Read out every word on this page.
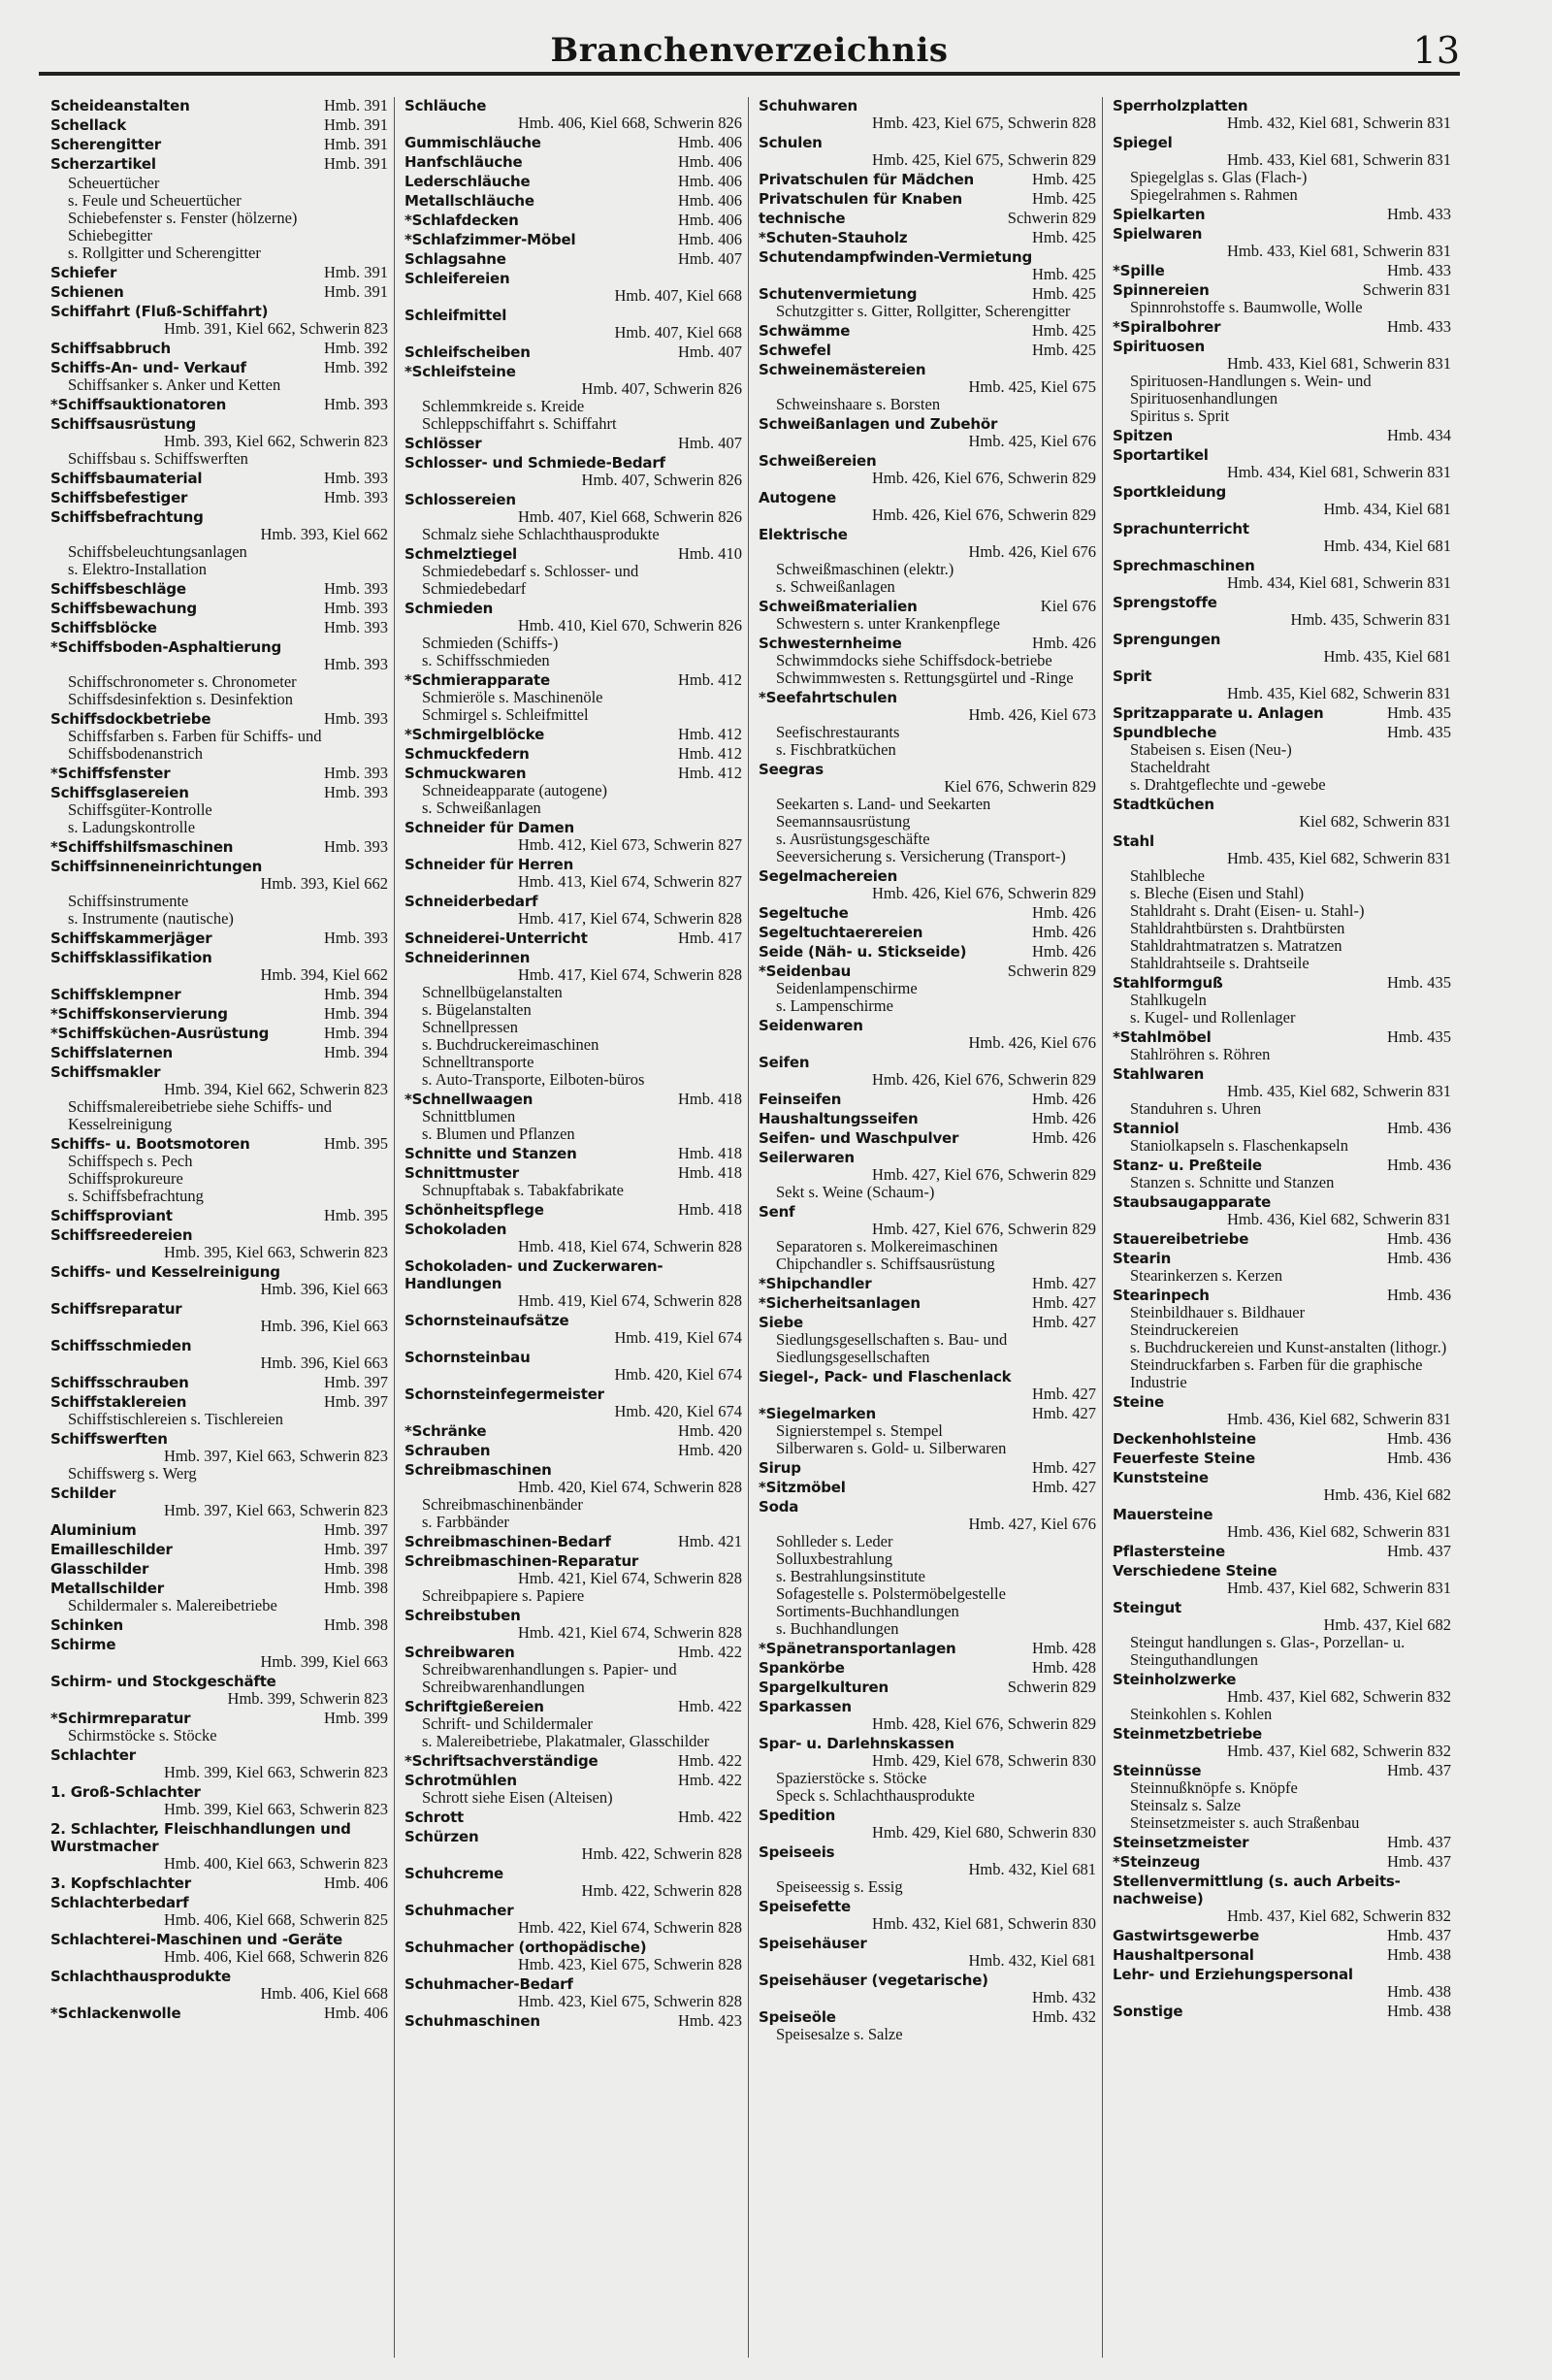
Branchenverzeichnis	13
Scheideanstalten	Hmb. 391
Schellack	Hmb. 391
Scherengitter	Hmb. 391
Scherzartikel	Hmb. 391
Scheuertücher
s. Feule und Scheuertücher
Schiebefenster s. Fenster (hölzerne)
Schiebegitter
s. Rollgitter und Scherengitter
Schiefer	Hmb. 391
Schienen	Hmb. 391
Schiffahrt (Fluß-Schiffahrt)
Hmb. 391, Kiel 662, Schwerin 823
Schiffsabbruch	Hmb. 392
Schiffs-An- und- Verkauf	Hmb. 392
Schiffsanker s. Anker und Ketten
*Schiffsauktionatoren	Hmb. 393
Schiffsausrüstung
Hmb. 393, Kiel 662, Schwerin 823
Schiffsbau s. Schiffswerften
Schiffsbaumaterial	Hmb. 393
Schiffsbefestiger	Hmb. 393
Schiffsbefrachtung
Hmb. 393, Kiel 662
Schiffsbeleuchtungsanlagen
s. Elektro-Installation
Schiffsbeschläge	Hmb. 393
Schiffsbewachung	Hmb. 393
Schiffsblöcke	Hmb. 393
*Schiffsboden-Asphaltierung
Hmb. 393
Schiffschronometer s. Chronometer
Schiffsdesinfektion s. Desinfektion
Schiffsdockbetriebe	Hmb. 393
Schiffsfarben s. Farben für Schiffs- und Schiffsbodenanstrich
*Schiffsfenster	Hmb. 393
Schiffsglasereien	Hmb. 393
Schiffsgüter-Kontrolle
s. Ladungskontrolle
*Schiffshilfsmaschinen	Hmb. 393
Schiffsinneneinrichtungen
Hmb. 393, Kiel 662
Schiffsinstrumente
s. Instrumente (nautische)
Schiffskammerjäger	Hmb. 393
Schiffsklassifikation
Hmb. 394, Kiel 662
Schiffsklempner	Hmb. 394
*Schiffskonservierung	Hmb. 394
*Schiffsküchen-Ausrüstung	Hmb. 394
Schiffslaternen	Hmb. 394
Schiffsmakler
Hmb. 394, Kiel 662, Schwerin 823
Schiffsmalereibetriebe siehe Schiffs- und Kesselreinigung
Schiffs- u. Bootsmotoren	Hmb. 395
Schiffspech s. Pech
Schiffsprokureure
s. Schiffsbefrachtung
Schiffsproviant	Hmb. 395
Schiffsreedereien
Hmb. 395, Kiel 663, Schwerin 823
Schiffs- und Kesselreinigung
Hmb. 396, Kiel 663
Schiffsreparatur
Hmb. 396, Kiel 663
Schiffsschmieden
Hmb. 396, Kiel 663
Schiffsschrauben	Hmb. 397
Schiffstaklereien	Hmb. 397
Schiffstischlereien s. Tischlereien
Schiffswerften
Hmb. 397, Kiel 663, Schwerin 823
Schiffswerg s. Werg
Schilder
Hmb. 397, Kiel 663, Schwerin 823
Aluminium	Hmb. 397
Emailleschilder	Hmb. 397
Glasschilder	Hmb. 398
Metallschilder	Hmb. 398
Schildermaler s. Malereibetriebe
Schinken	Hmb. 398
Schirme
Hmb. 399, Kiel 663
Schirm- und Stockgeschäfte
Hmb. 399, Schwerin 823
*Schirmreparatur	Hmb. 399
Schirmstöcke s. Stöcke
Schlachter
Hmb. 399, Kiel 663, Schwerin 823
1. Groß-Schlachter
Hmb. 399, Kiel 663, Schwerin 823
2. Schlachter, Fleischhandlungen und Wurstmacher
Hmb. 400, Kiel 663, Schwerin 823
3. Kopfschlachter	Hmb. 406
Schlachterbedarf
Hmb. 406, Kiel 668, Schwerin 825
Schlachterei-Maschinen und -Geräte
Hmb. 406, Kiel 668, Schwerin 826
Schlachthausprodukte
Hmb. 406, Kiel 668
*Schlackenwolle	Hmb. 406
Schläuche
Hmb. 406, Kiel 668, Schwerin 826
Gummischläuche	Hmb. 406
Hanfschläuche	Hmb. 406
Lederschläuche	Hmb. 406
Metallschläuche	Hmb. 406
*Schlafdecken	Hmb. 406
*Schlafzimmer-Möbel	Hmb. 406
Schlagsahne	Hmb. 407
Schleifereien
Hmb. 407, Kiel 668
Schleifmittel
Hmb. 407, Kiel 668
Schleifscheiben	Hmb. 407
*Schleifsteine
Hmb. 407, Schwerin 826
Schlemmkreide s. Kreide
Schleppschiffahrt s. Schiffahrt
Schlösser	Hmb. 407
Schlosser- und Schmiede-Bedarf
Hmb. 407, Schwerin 826
Schlossereien
Hmb. 407, Kiel 668, Schwerin 826
Schmalz siehe Schlachthausprodukte
Schmelztiegel	Hmb. 410
Schmiedebedarf s. Schlosser- und Schmiedebedarf
Schmieden
Hmb. 410, Kiel 670, Schwerin 826
Schmieden (Schiffs-)
s. Schiffsschmieden
*Schmierapparate	Hmb. 412
Schmieröle s. Maschinenöle
Schmirgel s. Schleifmittel
*Schmirgelblöcke	Hmb. 412
Schmuckfedern	Hmb. 412
Schmuckwaren	Hmb. 412
Schneideapparate (autogene)
s. Schweißanlagen
Schneider für Damen
Hmb. 412, Kiel 673, Schwerin 827
Schneider für Herren
Hmb. 413, Kiel 674, Schwerin 827
Schneiderbedarf
Hmb. 417, Kiel 674, Schwerin 828
Schneiderei-Unterricht	Hmb. 417
Schneiderinnen
Hmb. 417, Kiel 674, Schwerin 828
Schnellbügelanstalten
s. Bügelanstalten
Schnellpressen
s. Buchdruckereimaschinen
Schnelltransporte
s. Auto-Transporte, Eilboten-büros
*Schnellwaagen	Hmb. 418
Schnittblumen
s. Blumen und Pflanzen
Schnitte und Stanzen	Hmb. 418
Schnittmuster	Hmb. 418
Schnupftabak s. Tabakfabrikate
Schönheitspflege	Hmb. 418
Schokoladen
Hmb. 418, Kiel 674, Schwerin 828
Schokoladen- und Zuckerwaren-Handlungen
Hmb. 419, Kiel 674, Schwerin 828
Schornsteinaufsätze
Hmb. 419, Kiel 674
Schornsteinbau
Hmb. 420, Kiel 674
Schornsteinfegermeister
Hmb. 420, Kiel 674
*Schränke	Hmb. 420
Schrauben	Hmb. 420
Schreibmaschinen
Hmb. 420, Kiel 674, Schwerin 828
Schreibmaschinenbänder
s. Farbbänder
Schreibmaschinen-Bedarf	Hmb. 421
Schreibmaschinen-Reparatur
Hmb. 421, Kiel 674, Schwerin 828
Schreibpapiere s. Papiere
Schreibstuben
Hmb. 421, Kiel 674, Schwerin 828
Schreibwaren	Hmb. 422
Schreibwarenhandlungen s. Papier- und Schreibwarenhandlungen
Schriftgießereien	Hmb. 422
Schrift- und Schildermaler
s. Malereibetriebe, Plakatmaler, Glasschilder
*Schriftsachverständige	Hmb. 422
Schrotmühlen	Hmb. 422
Schrott siehe Eisen (Alteisen)
Schrott	Hmb. 422
Schürzen
Hmb. 422, Schwerin 828
Schuhcreme
Hmb. 422, Schwerin 828
Schuhmacher
Hmb. 422, Kiel 674, Schwerin 828
Schuhmacher (orthopädische)
Hmb. 423, Kiel 675, Schwerin 828
Schuhmacher-Bedarf
Hmb. 423, Kiel 675, Schwerin 828
Schuhmaschinen	Hmb. 423
Schuhwaren
Hmb. 423, Kiel 675, Schwerin 828
Schulen
Hmb. 425, Kiel 675, Schwerin 829
Privatschulen für Mädchen	Hmb. 425
Privatschulen für Knaben	Hmb. 425
technische	Schwerin 829
*Schuten-Stauholz	Hmb. 425
Schutendampfwinden-Vermietung
Hmb. 425
Schutenvermietung	Hmb. 425
Schutzgitter s. Gitter, Rollgitter, Scherengitter
Schwämme	Hmb. 425
Schwefel	Hmb. 425
Schweinemästereien
Hmb. 425, Kiel 675
Schweinshaare s. Borsten
Schweißanlagen und Zubehör
Hmb. 425, Kiel 676
Schweißereien
Hmb. 426, Kiel 676, Schwerin 829
Autogene
Hmb. 426, Kiel 676, Schwerin 829
Elektrische
Hmb. 426, Kiel 676
Schweißmaschinen (elektr.)
s. Schweißanlagen
Schweißmaterialien	Kiel 676
Schwestern s. unter Krankenpflege
Schwesternheime	Hmb. 426
Schwimmdocks siehe Schiffsdock-betriebe
Schwimmwesten s. Rettungsgürtel und -Ringe
*Seefahrtschulen
Hmb. 426, Kiel 673
Seefischrestaurants
s. Fischbratküchen
Seegras
Kiel 676, Schwerin 829
Seekarten s. Land- und Seekarten
Seemannsausrüstung
s. Ausrüstungsgeschäfte
Seeversicherung s. Versicherung (Transport-)
Segelmachereien
Hmb. 426, Kiel 676, Schwerin 829
Segeltuche	Hmb. 426
Segeltuchtaerereien	Hmb. 426
Seide (Näh- u. Stickseide)	Hmb. 426
*Seidenbau	Schwerin 829
Seidenlampenschirme
s. Lampenschirme
Seidenwaren
Hmb. 426, Kiel 676
Seifen
Hmb. 426, Kiel 676, Schwerin 829
Feinseifen	Hmb. 426
Haushaltungsseifen	Hmb. 426
Seifen- und Waschpulver	Hmb. 426
Seilerwaren
Hmb. 427, Kiel 676, Schwerin 829
Sekt s. Weine (Schaum-)
Senf
Hmb. 427, Kiel 676, Schwerin 829
Separatoren s. Molkereimaschinen
Chipchandler s. Schiffsausrüstung
*Shipchandler	Hmb. 427
*Sicherheitsanlagen	Hmb. 427
Siebe	Hmb. 427
Siedlungsgesellschaften s. Bau- und Siedlungsgesellschaften
Siegel-, Pack- und Flaschenlack
Hmb. 427
*Siegelmarken	Hmb. 427
Signierstempel s. Stempel
Silberwaren s. Gold- u. Silberwaren
Sirup	Hmb. 427
*Sitzmöbel	Hmb. 427
Soda
Hmb. 427, Kiel 676
Sohlleder s. Leder
Solluxbestrahlung
s. Bestrahlungsinstitute
Sofagestelle s. Polstermöbelgestelle
Sortiments-Buchhandlungen
s. Buchhandlungen
*Spänetransportanlagen	Hmb. 428
Spankörbe	Hmb. 428
Spargelkulturen	Schwerin 829
Sparkassen
Hmb. 428, Kiel 676, Schwerin 829
Spar- u. Darlehnskassen
Hmb. 429, Kiel 678, Schwerin 830
Spazierstöcke s. Stöcke
Speck s. Schlachthausprodukte
Spedition
Hmb. 429, Kiel 680, Schwerin 830
Speiseeis
Hmb. 432, Kiel 681
Speiseessig s. Essig
Speisefette
Hmb. 432, Kiel 681, Schwerin 830
Speisehäuser
Hmb. 432, Kiel 681
Speisehäuser (vegetarische)
Hmb. 432
Speiseöle	Hmb. 432
Speisesalze s. Salze
Sperrholzplatten
Hmb. 432, Kiel 681, Schwerin 831
Spiegel
Hmb. 433, Kiel 681, Schwerin 831
Spiegelglas s. Glas (Flach-)
Spiegelrahmen s. Rahmen
Spielkarten	Hmb. 433
Spielwaren
Hmb. 433, Kiel 681, Schwerin 831
*Spille	Hmb. 433
Spinnereien	Schwerin 831
Spinnrohstoffe s. Baumwolle, Wolle
*Spiralbohrer	Hmb. 433
Spirituosen
Hmb. 433, Kiel 681, Schwerin 831
Spirituosen-Handlungen s. Wein- und Spirituosenhandlungen
Spiritus s. Sprit
Spitzen	Hmb. 434
Sportartikel
Hmb. 434, Kiel 681, Schwerin 831
Sportkleidung
Hmb. 434, Kiel 681
Sprachunterricht
Hmb. 434, Kiel 681
Sprechmaschinen
Hmb. 434, Kiel 681, Schwerin 831
Sprengstoffe
Hmb. 435, Schwerin 831
Sprengungen
Hmb. 435, Kiel 681
Sprit
Hmb. 435, Kiel 682, Schwerin 831
Spritzapparate u. Anlagen	Hmb. 435
Spundbleche	Hmb. 435
Stabeisen s. Eisen (Neu-)
Stacheldraht
s. Drahtgeflechte und -gewebe
Stadtküchen
Kiel 682, Schwerin 831
Stahl
Hmb. 435, Kiel 682, Schwerin 831
Stahlbleche
s. Bleche (Eisen und Stahl)
Stahldraht s. Draht (Eisen- u. Stahl-)
Stahldrahtbürsten s. Drahtbürsten
Stahldrahtmatratzen s. Matratzen
Stahldrahtseile s. Drahtseile
Stahlformguß	Hmb. 435
Stahlkugeln
s. Kugel- und Rollenlager
*Stahlmöbel	Hmb. 435
Stahlröhren s. Röhren
Stahlwaren
Hmb. 435, Kiel 682, Schwerin 831
Standuhren s. Uhren
Stanniol	Hmb. 436
Staniolkapseln s. Flaschenkapseln
Stanz- u. Preßteile	Hmb. 436
Stanzen s. Schnitte und Stanzen
Staubsaugapparate
Hmb. 436, Kiel 682, Schwerin 831
Stauereibetriebe	Hmb. 436
Stearin	Hmb. 436
Stearinkerzen s. Kerzen
Stearinpech	Hmb. 436
Steinbildhauer s. Bildhauer
Steindruckereien
s. Buchdruckereien und Kunst-anstalten (lithogr.)
Steindruckfarben s. Farben für die graphische Industrie
Steine
Hmb. 436, Kiel 682, Schwerin 831
Deckenhohlsteine	Hmb. 436
Feuerfeste Steine	Hmb. 436
Kunststeine
Hmb. 436, Kiel 682
Mauersteine
Hmb. 436, Kiel 682, Schwerin 831
Pflastersteine	Hmb. 437
Verschiedene Steine
Hmb. 437, Kiel 682, Schwerin 831
Steingut
Hmb. 437, Kiel 682
Steingut handlungen s. Glas-, Porzellan- u. Steinguthandlungen
Steinholzwerke
Hmb. 437, Kiel 682, Schwerin 832
Steinkohlen s. Kohlen
Steinmetzbetriebe
Hmb. 437, Kiel 682, Schwerin 832
Steinnüsse	Hmb. 437
Steinnußknöpfe s. Knöpfe
Steinsalz s. Salze
Steinsetzmeister s. auch Straßenbau
Steinsetzmeister	Hmb. 437
*Steinzeug	Hmb. 437
Stellenvermittlung (s. auch Arbeits-nachweise)
Hmb. 437, Kiel 682, Schwerin 832
Gastwirtsgewerbe	Hmb. 437
Haushaltpersonal	Hmb. 438
Lehr- und Erziehungspersonal
Hmb. 438
Sonstige	Hmb. 438
